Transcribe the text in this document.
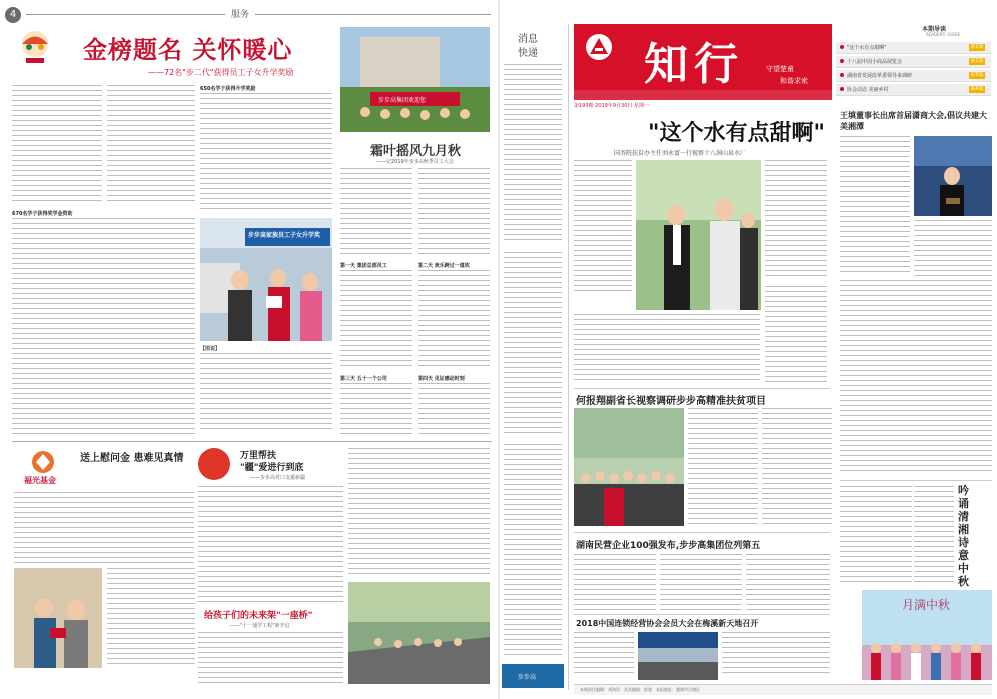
4	服务
金榜题名 关怀暖心
——72名"步二代"获得员工子女升学奖励
670名学子获得奖学金资助
650名学子获得升学奖励
步步高家族员工子女升学奖
【图说】
步步高集团欢迎您
霜叶摇风九月秋
——记2019年步步高秋季员工大会
第一天 集团总部员工	第二天 欢乐跨过一道坎
第三天 五十一个公司	第四天 见证感动时刻
福光基金
送上慰问金 患难见真情	万里帮扶
"疆"爱进行到底
——步步高对口支援新疆
给孩子们的未来架"一座桥"
——"十一通学工程"新开启
消息
快递
步步高
知行	守望楚童
和谐求索
第193期 2019年9月30日 星期一
本期导读
READERS' GUIDE
"这个水有点甜啊"	第1版
十八届中国小商品展览会	第2版
湖南省发展改革委领导来调研	第3版
协会动态 美丽乡村	第4版
"这个水有点甜啊"
国务院扶贫办主任刘永富一行视察十八洞山泉水厂
王填董事长出席首届潇商大会,倡议共建大美湘潭
何报翔副省长视察调研步步高精准扶贫项目
湖南民营企业100强发布,步步高集团位列第五
2018中国连锁经营协会会员大会在梅溪新天地召开
吟诵清湘 诗意中秋
月满中秋
本期责任编辑：刘海洋　美术编辑：彭超　本报地址：湘潭市岳塘区
